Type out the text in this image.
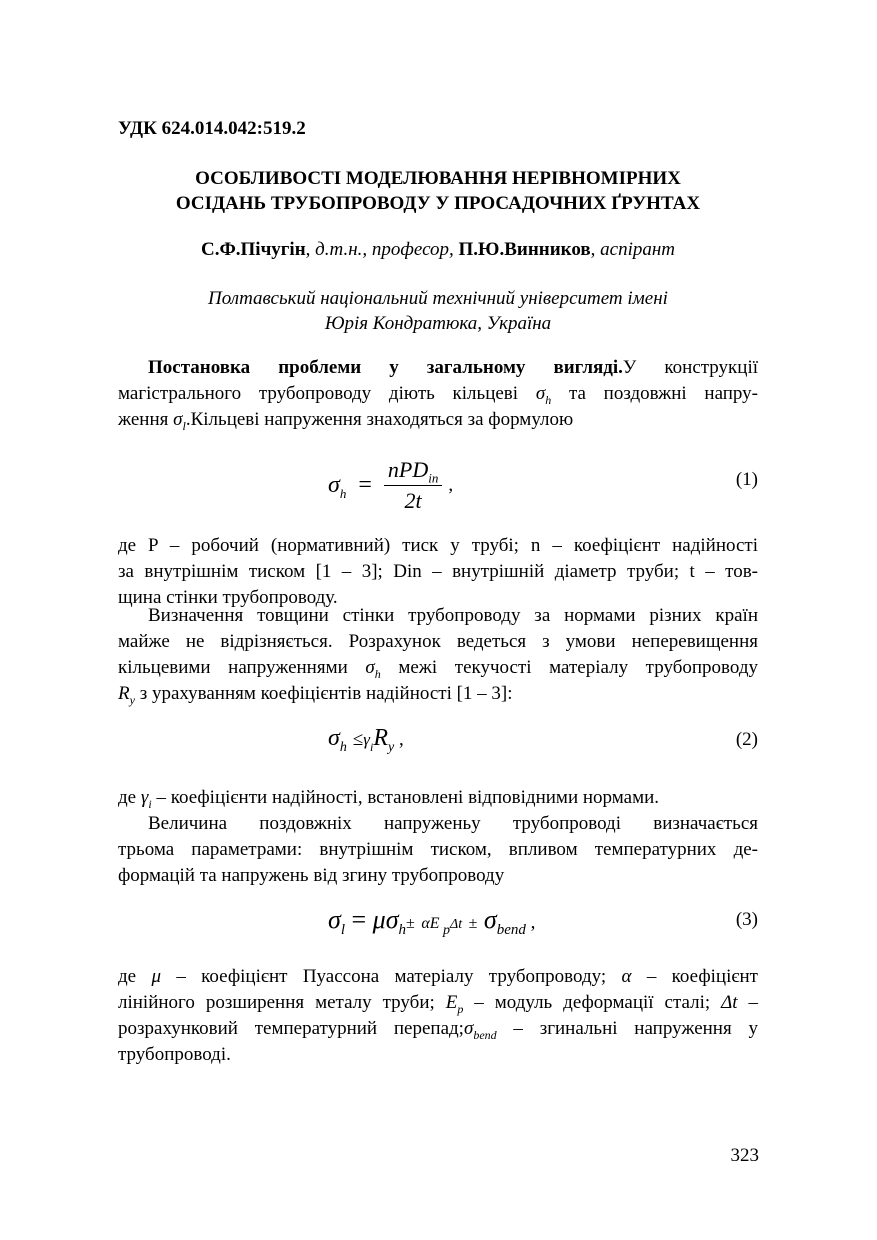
УДК 624.014.042:519.2
ОСОБЛИВОСТІ МОДЕЛЮВАННЯ НЕРІВНОМІРНИХ
ОСІДАНЬ ТРУБОПРОВОДУ У ПРОСАДОЧНИХ ҐРУНТАХ
С.Ф.Пічугін, д.т.н., професор, П.Ю.Винников, аспірант
Полтавський національний технічний університет імені
Юрія Кондратюка, Україна
Постановка проблеми у загальному вигляді.У конструкції
магістрального трубопроводу діють кільцеві $\sigma_h$ та поздовжні напру-
ження $\sigma_l.Кільцеві$ напруження знаходяться за формулою
$\sigma_h = \frac{nPD_{in}}{2t}$ ,	(1)
де P – робочий (нормативний) тиск у трубі; n – коефіцієнт надійності
за внутрішнім тиском [1 – 3]; Din – внутрішній діаметр труби; t – тов-
щина стінки трубопроводу.
Визначення товщини стінки трубопроводу за нормами різних країн
майже не відрізняється. Розрахунок ведеться з умови неперевищення
кільцевими напруженнями $\sigma_h$ межі текучості матеріалу трубопроводу
$R_y$ з урахуванням коефіцієнтів надійності [1 – 3]:
$\sigma_h \le\gamma_iR_y$ ,	(2)
де $\gamma_i$ – коефіцієнти надійності, встановлені відповідними нормами.
Величина поздовжніх напруженьу трубопроводі визначається
трьома параметрами: внутрішнім тиском, впливом температурних де-
формацій та напружень від згину трубопроводу
$\sigma_l = \mu\sigma_h\pm \alpha E$ $_p\Delta t \pm \sigma_{bend}$ ,	(3)
де μ – коефіцієнт Пуассона матеріалу трубопроводу; α – коефіцієнт
лінійного розширення металу труби; $E_p$ – модуль деформації сталі; Δt –
розрахунковий температурний $перепад;\sigma_{bend}$ – згинальні напруження у
трубопроводі.
323
